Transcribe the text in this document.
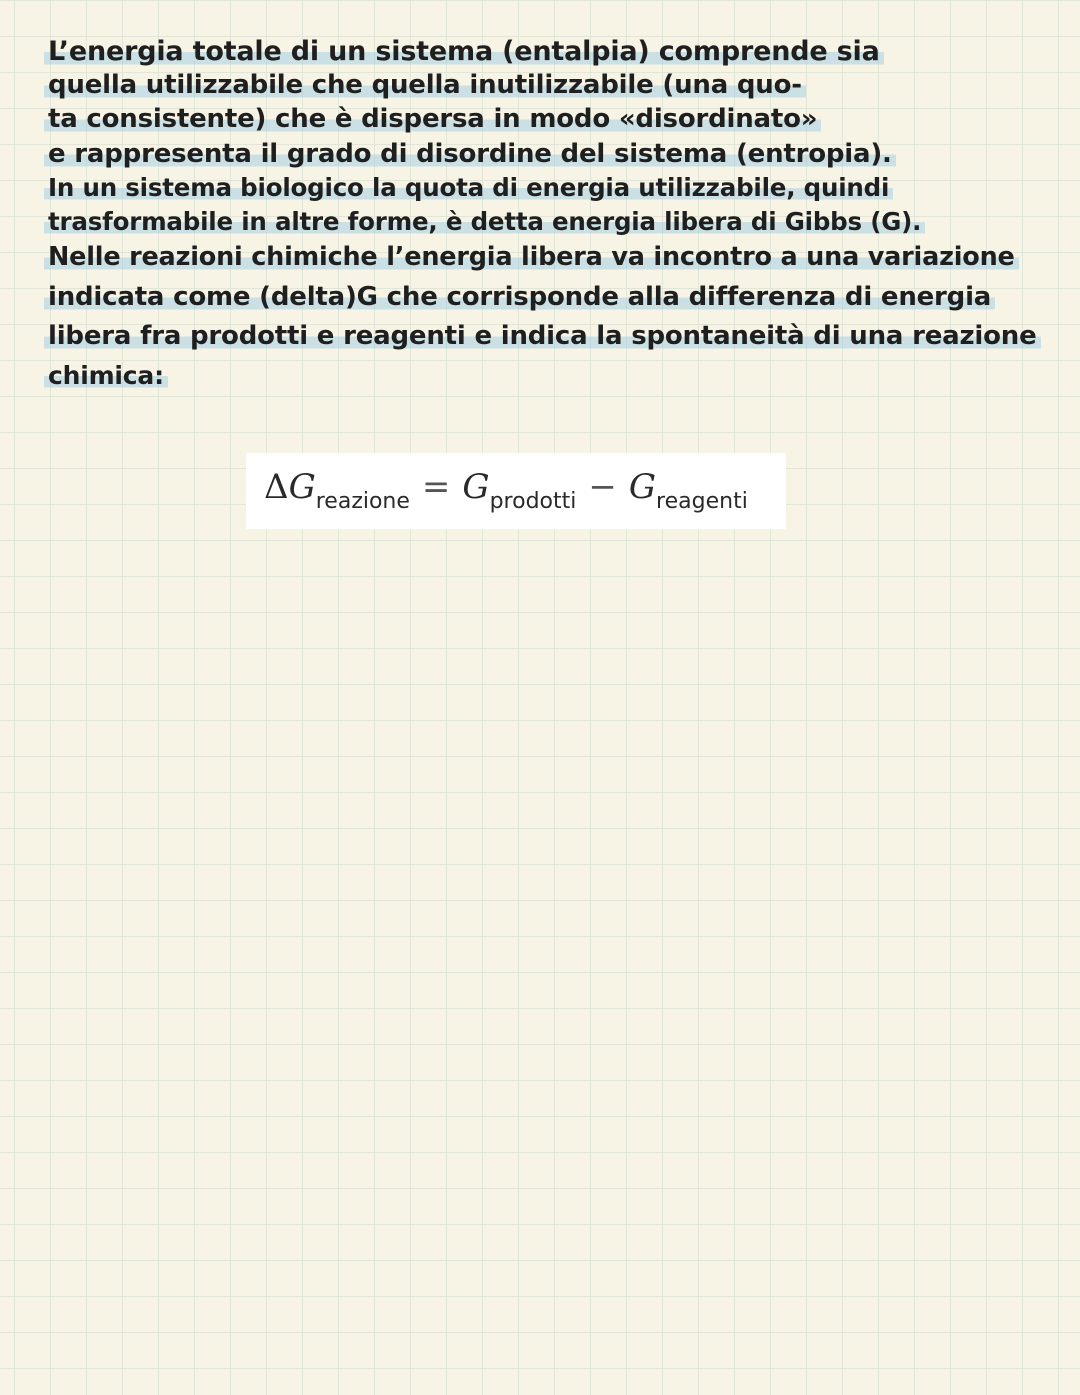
L’energia totale di un sistema (entalpia) comprende sia
quella utilizzabile che quella inutilizzabile (una quo-
ta consistente) che è dispersa in modo «disordinato»
e rappresenta il grado di disordine del sistema (entropia).
In un sistema biologico la quota di energia utilizzabile, quindi
trasformabile in altre forme, è detta energia libera di Gibbs (G).
Nelle reazioni chimiche l’energia libera va incontro a una variazione
indicata come (delta)G che corrisponde alla differenza di energia
libera fra prodotti e reagenti e indica la spontaneità di una reazione
chimica:
$\Delta G_{reazione} = G_{prodotti} - G_{reagenti}$
